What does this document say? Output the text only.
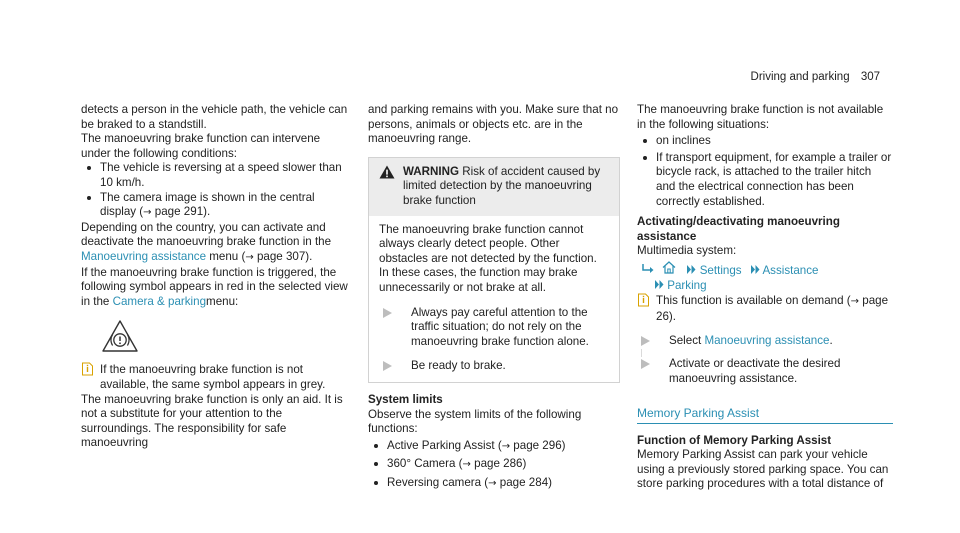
Driving and parking 307

detects a person in the vehicle path, the vehicle can be braked to a standstill.

The manoeuvring brake function can intervene under the following conditions:

The vehicle is reversing at a speed slower than 10 km/h.
The camera image is shown in the central display (→ page 291).

Depending on the country, you can activate and deactivate the manoeuvring brake function in the Manoeuvring assistance menu (→ page 307).

If the manoeuvring brake function is triggered, the following symbol appears in red in the selected view in the Camera & parkingmenu:

If the manoeuvring brake function is not available, the same symbol appears in grey.

The manoeuvring brake function is only an aid. It is not a substitute for your attention to the surroundings. The responsibility for safe manoeuvring

and parking remains with you. Make sure that no persons, animals or objects etc. are in the manoeuvring range.

WARNING Risk of accident caused by limited detection by the manoeuvring brake function

The manoeuvring brake function cannot always clearly detect people. Other obstacles are not detected by the function.

In these cases, the function may brake unnecessarily or not brake at all.

Always pay careful attention to the traffic situation; do not rely on the manoeuvring brake function alone.
Be ready to brake.

System limits

Observe the system limits of the following functions:

Active Parking Assist (→ page 296)
360° Camera (→ page 286)
Reversing camera (→ page 284)

The manoeuvring brake function is not available in the following situations:

on inclines
If transport equipment, for example a trailer or bicycle rack, is attached to the trailer hitch and the electrical connection has been correctly established.

Activating/deactivating manoeuvring assistance

Multimedia system:

Settings Assistance
Parking
This function is available on demand (→ page 26).
Select Manoeuvring assistance.
Activate or deactivate the desired manoeuvring assistance.
Memory Parking Assist

Function of Memory Parking Assist

Memory Parking Assist can park your vehicle using a previously stored parking space. You can store parking procedures with a total distance of
